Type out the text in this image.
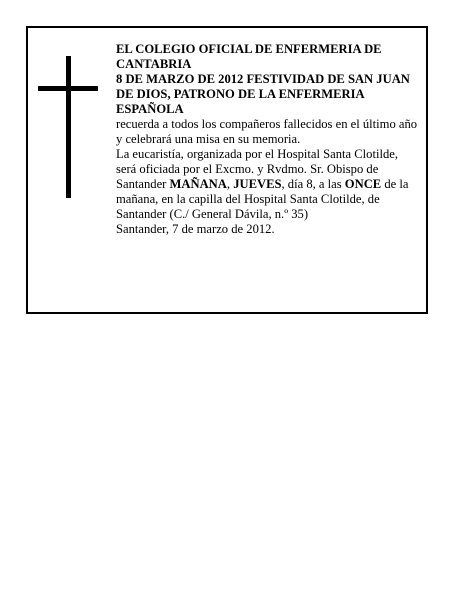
EL COLEGIO OFICIAL DE ENFERMERIA DE CANTABRIA

8 DE MARZO DE 2012 FESTIVIDAD DE SAN JUAN DE DIOS, PATRONO DE LA ENFERMERIA ESPAÑOLA

recuerda a todos los compañeros fallecidos en el último año y celebrará una misa en su memoria.

La eucaristía, organizada por el Hospital Santa Clotilde, será oficiada por el Excmo. y Rvdmo. Sr. Obispo de Santander MAÑANA, JUEVES, día 8, a las ONCE de la mañana, en la capilla del Hospital Santa Clotilde, de Santander (C./ General Dávila, n.º 35)

Santander, 7 de marzo de 2012.
